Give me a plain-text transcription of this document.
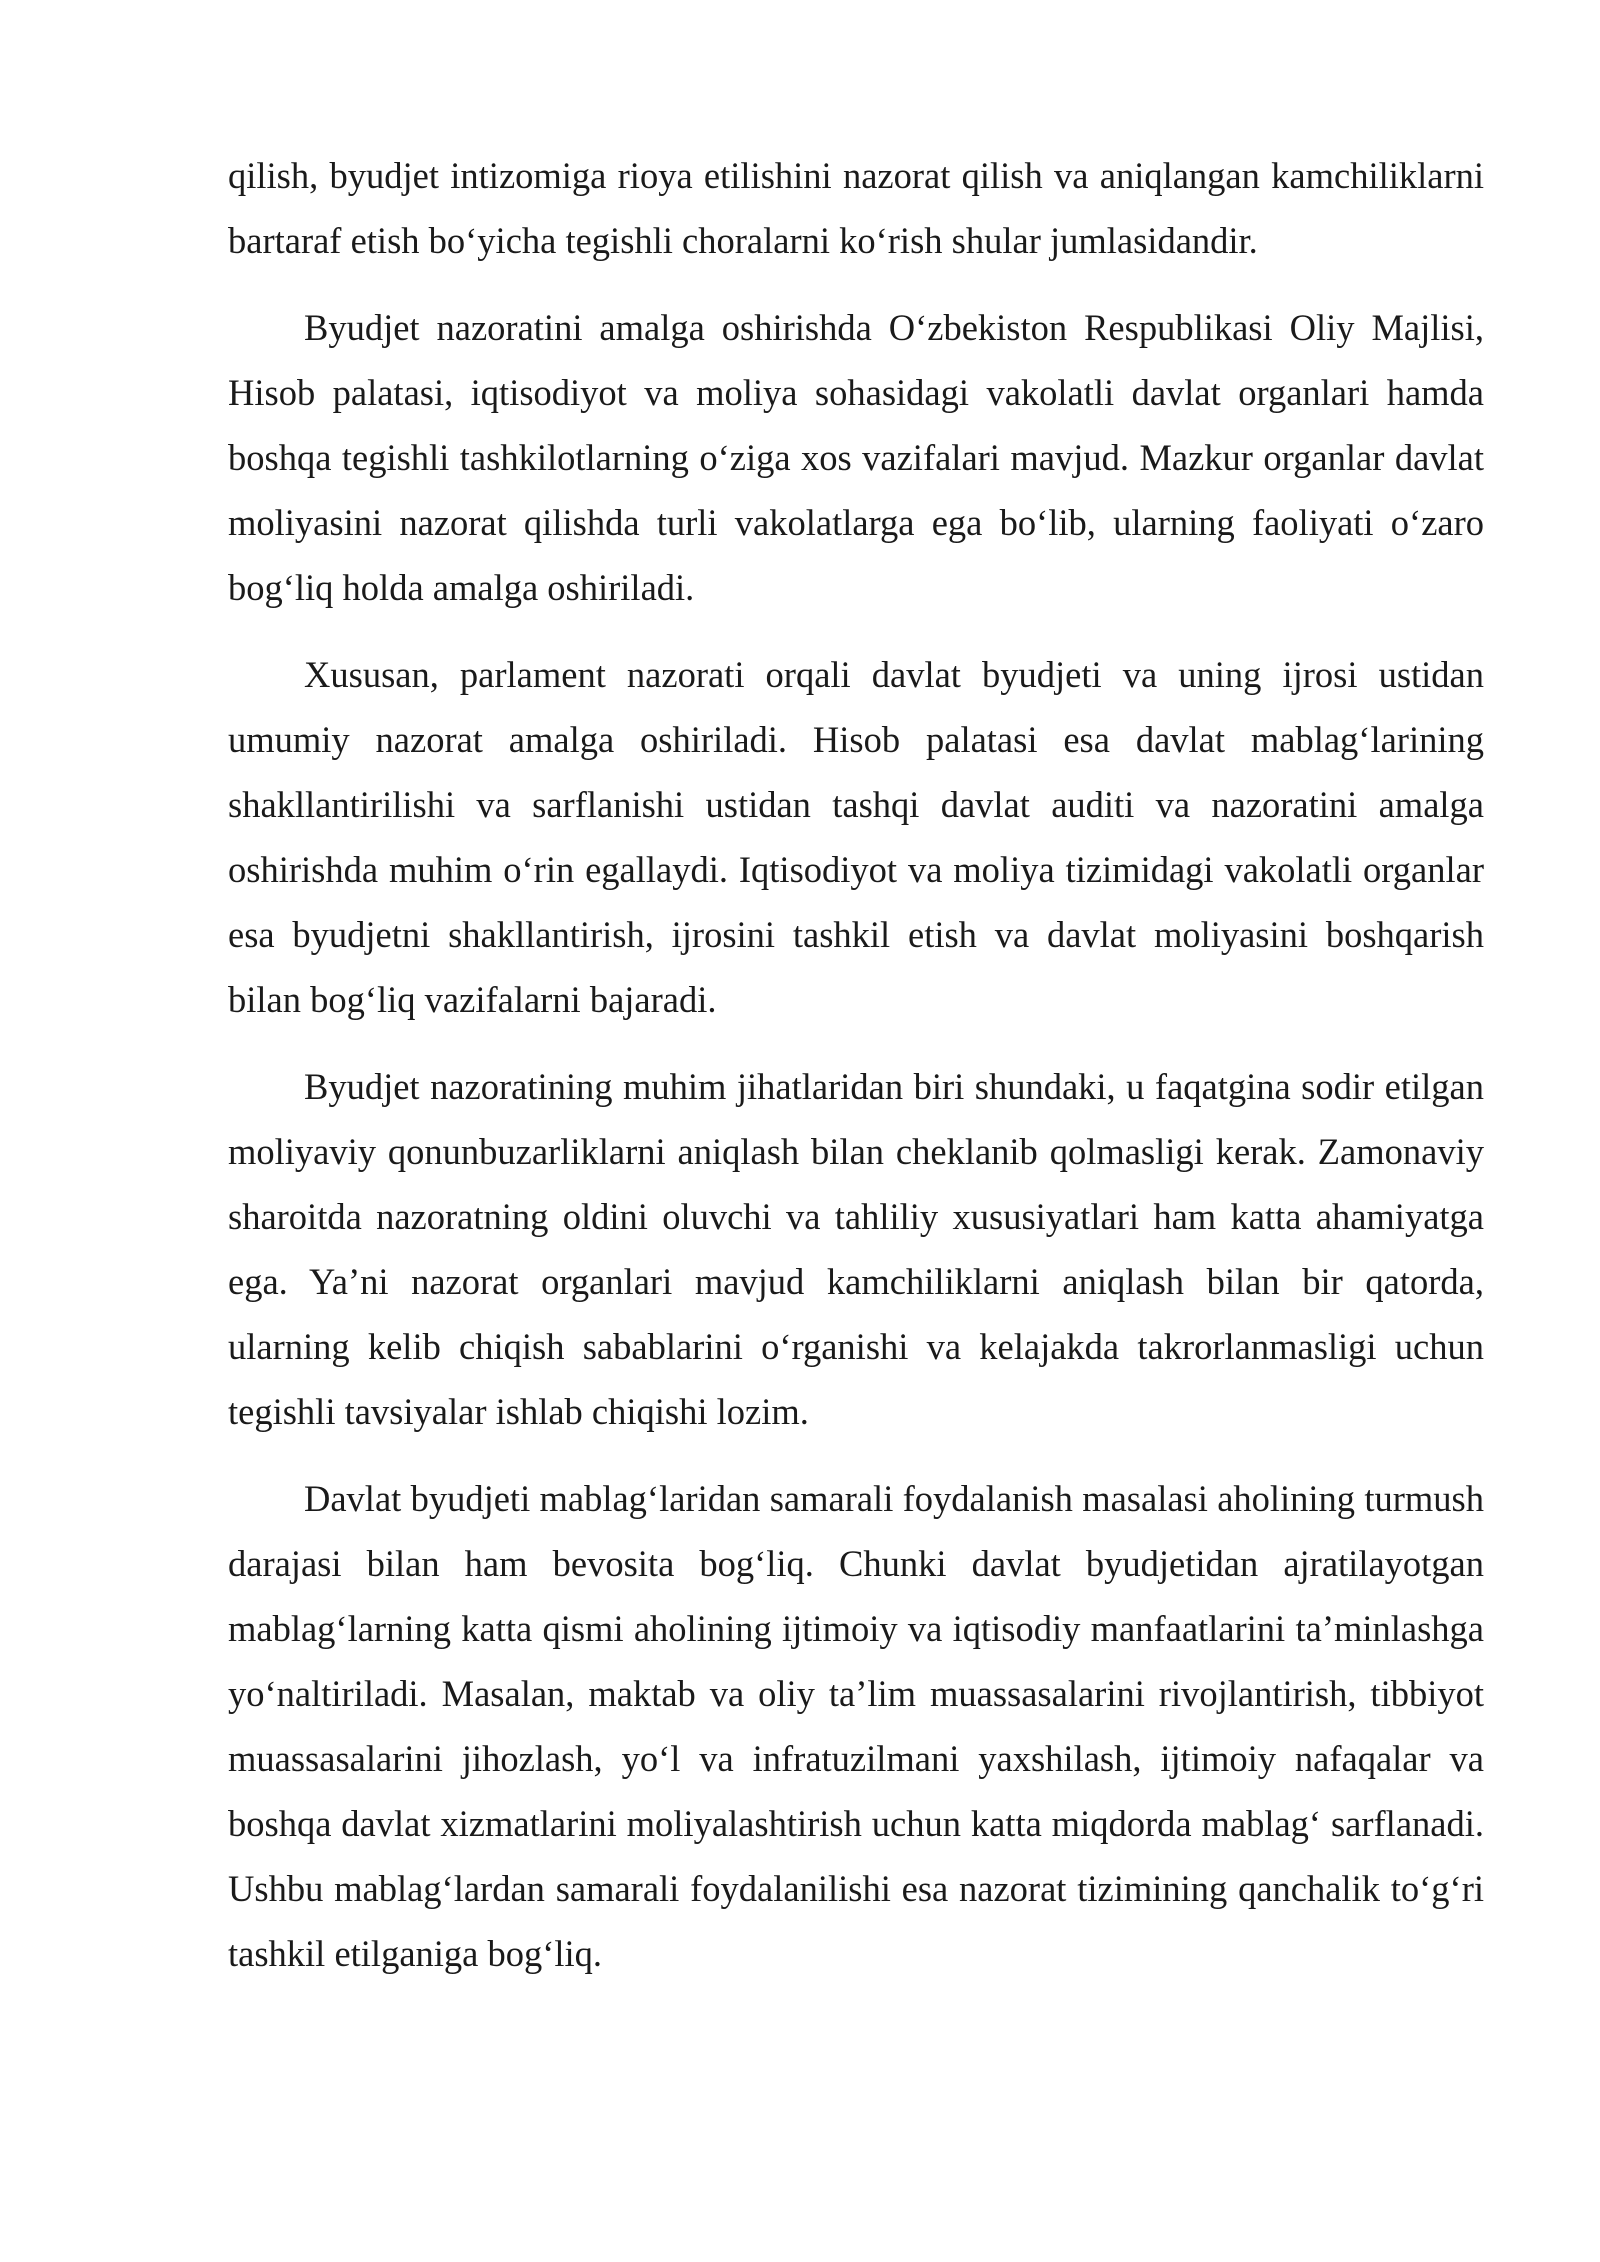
qilish, byudjet intizomiga rioya etilishini nazorat qilish va aniqlangan kamchiliklarni bartaraf etish bo‘yicha tegishli choralarni ko‘rish shular jumlasidandir.

Byudjet nazoratini amalga oshirishda O‘zbekiston Respublikasi Oliy Majlisi, Hisob palatasi, iqtisodiyot va moliya sohasidagi vakolatli davlat organlari hamda boshqa tegishli tashkilotlarning o‘ziga xos vazifalari mavjud. Mazkur organlar davlat moliyasini nazorat qilishda turli vakolatlarga ega bo‘lib, ularning faoliyati o‘zaro bog‘liq holda amalga oshiriladi.

Xususan, parlament nazorati orqali davlat byudjeti va uning ijrosi ustidan umumiy nazorat amalga oshiriladi. Hisob palatasi esa davlat mablag‘larining shakllantirilishi va sarflanishi ustidan tashqi davlat auditi va nazoratini amalga oshirishda muhim o‘rin egallaydi. Iqtisodiyot va moliya tizimidagi vakolatli organlar esa byudjetni shakllantirish, ijrosini tashkil etish va davlat moliyasini boshqarish bilan bog‘liq vazifalarni bajaradi.

Byudjet nazoratining muhim jihatlaridan biri shundaki, u faqatgina sodir etilgan moliyaviy qonunbuzarliklarni aniqlash bilan cheklanib qolmasligi kerak. Zamonaviy sharoitda nazoratning oldini oluvchi va tahliliy xususiyatlari ham katta ahamiyatga ega. Ya’ni nazorat organlari mavjud kamchiliklarni aniqlash bilan bir qatorda, ularning kelib chiqish sabablarini o‘rganishi va kelajakda takrorlanmasligi uchun tegishli tavsiyalar ishlab chiqishi lozim.

Davlat byudjeti mablag‘laridan samarali foydalanish masalasi aholining turmush darajasi bilan ham bevosita bog‘liq. Chunki davlat byudjetidan ajratilayotgan mablag‘larning katta qismi aholining ijtimoiy va iqtisodiy manfaatlarini ta’minlashga yo‘naltiriladi. Masalan, maktab va oliy ta’lim muassasalarini rivojlantirish, tibbiyot muassasalarini jihozlash, yo‘l va infratuzilmani yaxshilash, ijtimoiy nafaqalar va boshqa davlat xizmatlarini moliyalashtirish uchun katta miqdorda mablag‘ sarflanadi. Ushbu mablag‘lardan samarali foydalanilishi esa nazorat tizimining qanchalik to‘g‘ri tashkil etilganiga bog‘liq.
